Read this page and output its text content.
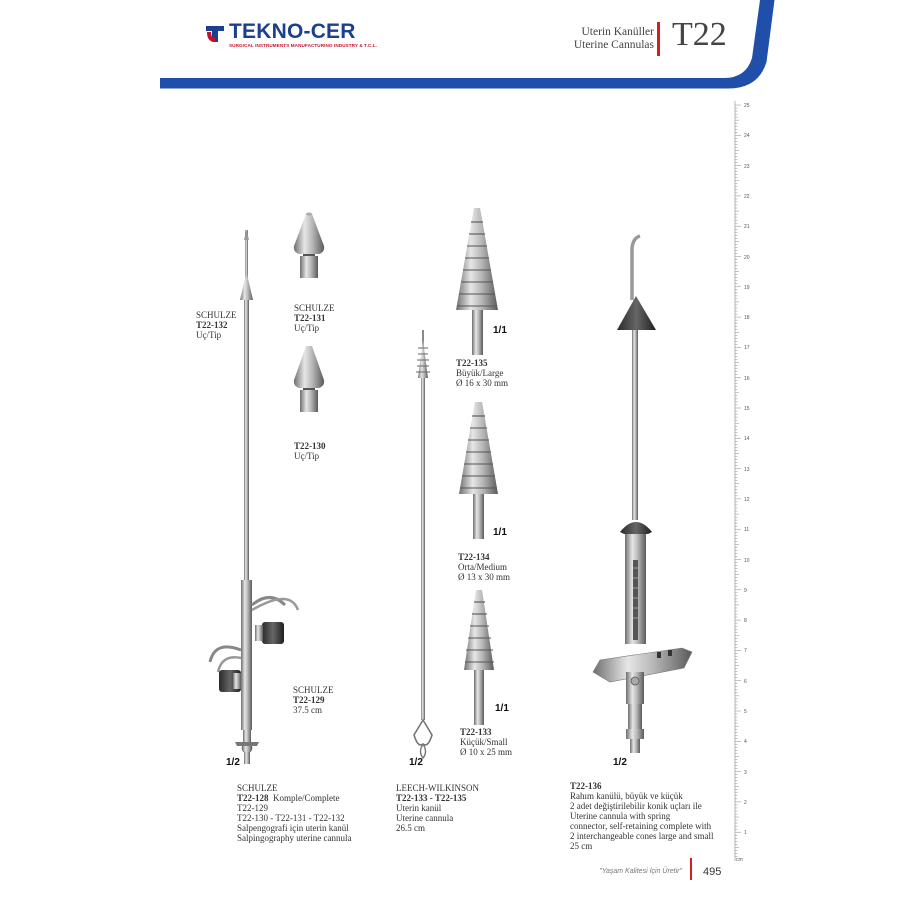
TEKNO-CER
SURGICAL INSTRUMENTS MANUFACTURING INDUSTRY & T.C.L.
Uterin Kanüller
Uterine Cannulas T22
SCHULZE
T22-132
Uç/Tip
SCHULZE
T22-131
Uç/Tip
T22-130
Uç/Tip
SCHULZE
T22-129
37.5 cm
1/2
SCHULZE
T22-128 Komple/Complete
T22-129
T22-130 - T22-131 - T22-132
Salpengografi için uterin kanül
Salpingography uterine cannula
1/1
T22-135
Büyük/Large
Ø 16 x 30 mm
1/1
T22-134
Orta/Medium
Ø 13 x 30 mm
1/1
T22-133
Küçük/Small
Ø 10 x 25 mm
1/2
LEECH-WILKINSON
T22-133 - T22-135
Uterin kanül
Uterine cannula
26.5 cm
1/2
T22-136
Rahım kanülü, büyük ve küçük
2 adet değiştirilebilir konik uçları ile
Uterine cannula with spring
connector, self-retaining complete with
2 interchangeable cones large and small
25 cm
25
24
23
22
21
20
19
18
17
16
15
14
13
12
11
10
9
8
7
6
5
4
3
2
1
cm
"Yaşam Kalitesi İçin Üretir" 495
